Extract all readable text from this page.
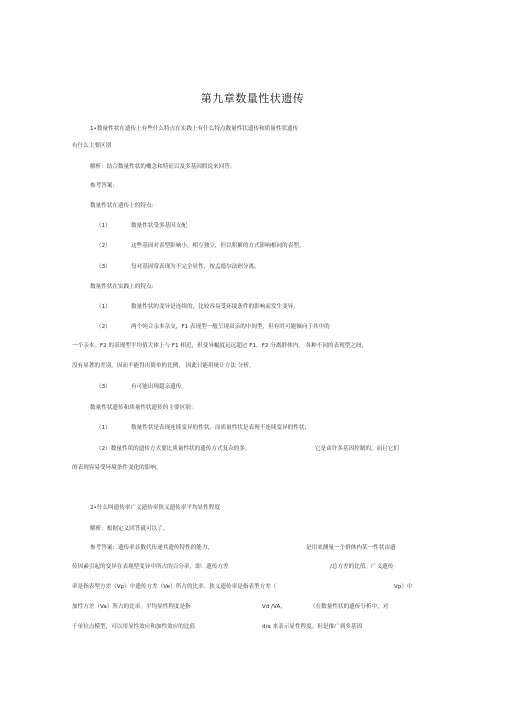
第九章数量性状遗传
1•数量性状在遗传上有些什么特点在实践上有什么特点数量性状遗传和质量性状遗传
有什么主要区别
解析：结合数量性状的概念和特征以及多基因假说来回答。
参考答案：
数量性状在遗传上的特点：
（1）	数量性状受多基因支配
（2）	这些基因对表型影响小，相互独立，但以积累的方式影响相同的表型。
（3）	每对基因常表现为不完全显性，按孟德尔法则分离。
数量性状在实践上的特点：
（1）	数量性状的变异是连续的，比较容易受环境条件的影响而发生变异。
（2）	两个纯合亲本杂交，F1 表现型一般呈现双亲的中间型，但有时可能倾向于其中的
一个亲本。F2 的表现型平均值大体上与 F1 相近，但变异幅度远远超过 F1。F2 分离群体内， 各种不同的表现型之间，
没有显著的差别，因而不能得出简单的比例， 因此只能用统计方法 分析。
（3）	有可能出现超亲遗传。
数量性状遗传和质量性状遗传的主要区别：
（1）	数量性状是表现连续变异的性状，而质量性状是表现不连续变异的性状；
（2）数量性状的遗传方式要比质量性状的遗传方式复杂的多，	它是由许多基因控制的，而且它们
的表现容易受环境条件变化的影响。
2•什么叫遗传率广义遗传率狭义遗传率平均显性程度
解析：根据定义回答就可以了。
参考答案：遗传率首数代传递其遗传特性的能力，	是用来测量一个群体内某一性状由遗
传因素引起的变异在表现型变异中所占的百分率，即：遗传方差	/总方差的比值。广义遗传
率是指表型方差（Vp）中遗传方差（Ve）所占的比率。狭义遗传率是指表型方差（	Vp）中
加性方差（Va）所占的比率。平均显性程度是指	Vd /VA,	（在数量性状的遗传分析中，对
于单位点模型，可以用显性效应和加性效应的比值	d/a 来表示显性程度。但是推广到多基因
